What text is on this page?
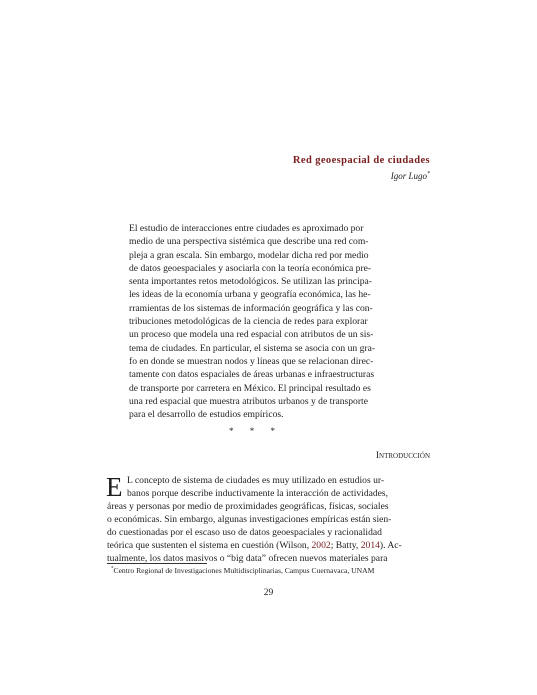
Red geoespacial de ciudades
Igor Lugo*
El estudio de interacciones entre ciudades es aproximado por
medio de una perspectiva sistémica que describe una red com-
pleja a gran escala. Sin embargo, modelar dicha red por medio
de datos geoespaciales y asociarla con la teoría económica pre-
senta importantes retos metodológicos. Se utilizan las principa-
les ideas de la economía urbana y geografía económica, las he-
rramientas de los sistemas de información geográfica y las con-
tribuciones metodológicas de la ciencia de redes para explorar
un proceso que modela una red espacial con atributos de un sis-
tema de ciudades. En particular, el sistema se asocia con un gra-
fo en donde se muestran nodos y líneas que se relacionan direc-
tamente con datos espaciales de áreas urbanas e infraestructuras
de transporte por carretera en México. El principal resultado es
una red espacial que muestra atributos urbanos y de transporte
para el desarrollo de estudios empíricos.
* * *
Introducción
E L concepto de sistema de ciudades es muy utilizado en estudios ur-
banos porque describe inductivamente la interacción de actividades,
áreas y personas por medio de proximidades geográficas, físicas, sociales
o económicas. Sin embargo, algunas investigaciones empíricas están sien-
do cuestionadas por el escaso uso de datos geoespaciales y racionalidad
teórica que sustenten el sistema en cuestión (Wilson, 2002; Batty, 2014). Ac-
tualmente, los datos masivos o “big data” ofrecen nuevos materiales para
*Centro Regional de Investigaciones Multidisciplinarias, Campus Cuernavaca, UNAM
29
